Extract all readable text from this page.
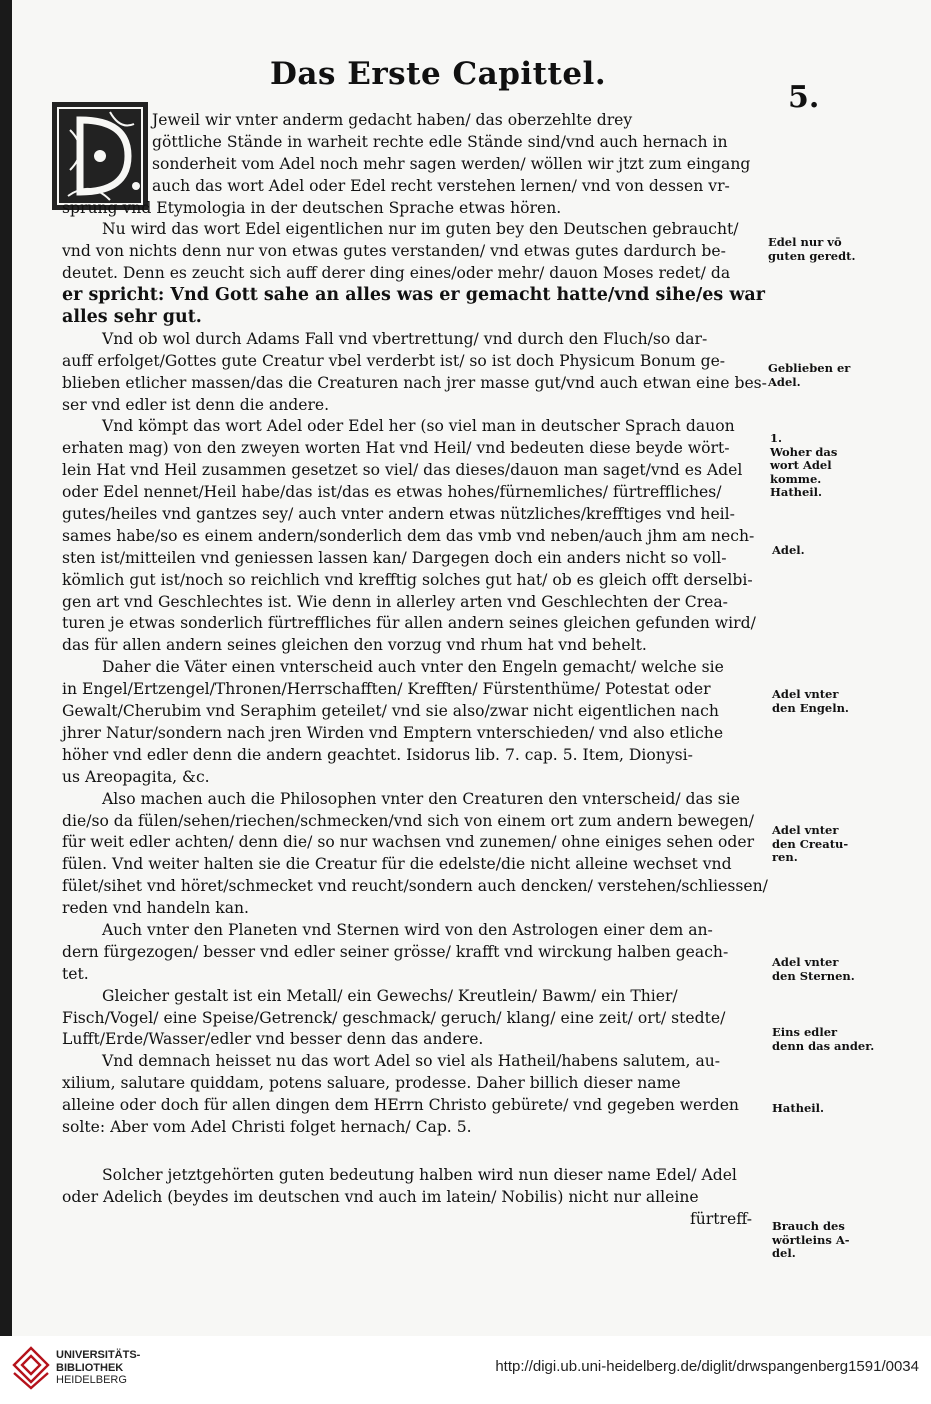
Das Erste Capittel.
5.
Jeweil wir vnter anderm gedacht haben/ das oberzehlte drey
göttliche Stände in warheit rechte edle Stände sind/vnd auch hernach in
sonderheit vom Adel noch mehr sagen werden/ wöllen wir jtzt zum eingang
auch das wort Adel oder Edel recht verstehen lernen/ vnd von dessen vr-
sprung vnd Etymologia in der deutschen Sprache etwas hören.
Nu wird das wort Edel eigentlichen nur im guten bey den Deutschen gebraucht/
vnd von nichts denn nur von etwas gutes verstanden/ vnd etwas gutes dardurch be-
deutet. Denn es zeucht sich auff derer ding eines/oder mehr/ dauon Moses redet/ da
er spricht: Vnd Gott sahe an alles was er gemacht hatte/vnd sihe/es war
alles sehr gut.
Vnd ob wol durch Adams Fall vnd vbertrettung/ vnd durch den Fluch/so dar-
auff erfolget/Gottes gute Creatur vbel verderbt ist/ so ist doch Physicum Bonum ge-
blieben etlicher massen/das die Creaturen nach jrer masse gut/vnd auch etwan eine bes-
ser vnd edler ist denn die andere.
Vnd kömpt das wort Adel oder Edel her (so viel man in deutscher Sprach dauon
erhaten mag) von den zweyen worten Hat vnd Heil/ vnd bedeuten diese beyde wört-
lein Hat vnd Heil zusammen gesetzet so viel/ das dieses/dauon man saget/vnd es Adel
oder Edel nennet/Heil habe/das ist/das es etwas hohes/fürnemliches/ fürtreffliches/
gutes/heiles vnd gantzes sey/ auch vnter andern etwas nützliches/krefftiges vnd heil-
sames habe/so es einem andern/sonderlich dem das vmb vnd neben/auch jhm am nech-
sten ist/mitteilen vnd geniessen lassen kan/ Dargegen doch ein anders nicht so voll-
kömlich gut ist/noch so reichlich vnd krefftig solches gut hat/ ob es gleich offt derselbi-
gen art vnd Geschlechtes ist. Wie denn in allerley arten vnd Geschlechten der Crea-
turen je etwas sonderlich fürtreffliches für allen andern seines gleichen gefunden wird/
das für allen andern seines gleichen den vorzug vnd rhum hat vnd behelt.
Daher die Väter einen vnterscheid auch vnter den Engeln gemacht/ welche sie
in Engel/Ertzengel/Thronen/Herrschafften/ Krefften/ Fürstenthüme/ Potestat oder
Gewalt/Cherubim vnd Seraphim geteilet/ vnd sie also/zwar nicht eigentlichen nach
jhrer Natur/sondern nach jren Wirden vnd Emptern vnterschieden/ vnd also etliche
höher vnd edler denn die andern geachtet. Isidorus lib. 7. cap. 5. Item, Dionysi-
us Areopagita, &c.
Also machen auch die Philosophen vnter den Creaturen den vnterscheid/ das sie
die/so da fülen/sehen/riechen/schmecken/vnd sich von einem ort zum andern bewegen/
für weit edler achten/ denn die/ so nur wachsen vnd zunemen/ ohne einiges sehen oder
fülen. Vnd weiter halten sie die Creatur für die edelste/die nicht alleine wechset vnd
fület/sihet vnd höret/schmecket vnd reucht/sondern auch dencken/ verstehen/schliessen/
reden vnd handeln kan.
Auch vnter den Planeten vnd Sternen wird von den Astrologen einer dem an-
dern fürgezogen/ besser vnd edler seiner grösse/ krafft vnd wirckung halben geach-
tet.
Gleicher gestalt ist ein Metall/ ein Gewechs/ Kreutlein/ Bawm/ ein Thier/
Fisch/Vogel/ eine Speise/Getrenck/ geschmack/ geruch/ klang/ eine zeit/ ort/ stedte/
Lufft/Erde/Wasser/edler vnd besser denn das andere.
Vnd demnach heisset nu das wort Adel so viel als Hatheil/habens salutem, au-
xilium, salutare quiddam, potens saluare, prodesse. Daher billich dieser name
alleine oder doch für allen dingen dem HErrn Christo gebürete/ vnd gegeben werden
solte: Aber vom Adel Christi folget hernach/ Cap. 5.
Solcher jetztgehörten guten bedeutung halben wird nun dieser name Edel/ Adel
oder Adelich (beydes im deutschen vnd auch im latein/ Nobilis) nicht nur alleine
fürtreff-
Edel nur vō
guten geredt.
Geblieben er
Adel.
1.
Woher das
wort Adel
komme.
Hatheil.
Adel.
Adel vnter
den Engeln.
Adel vnter
den Creatu-
ren.
Adel vnter
den Sternen.
Eins edler
denn das ander.
Hatheil.
Brauch des
wörtleins A-
del.
UNIVERSITÄTS-
BIBLIOTHEK
HEIDELBERG
http://digi.ub.uni-heidelberg.de/diglit/drwspangenberg1591/0034
